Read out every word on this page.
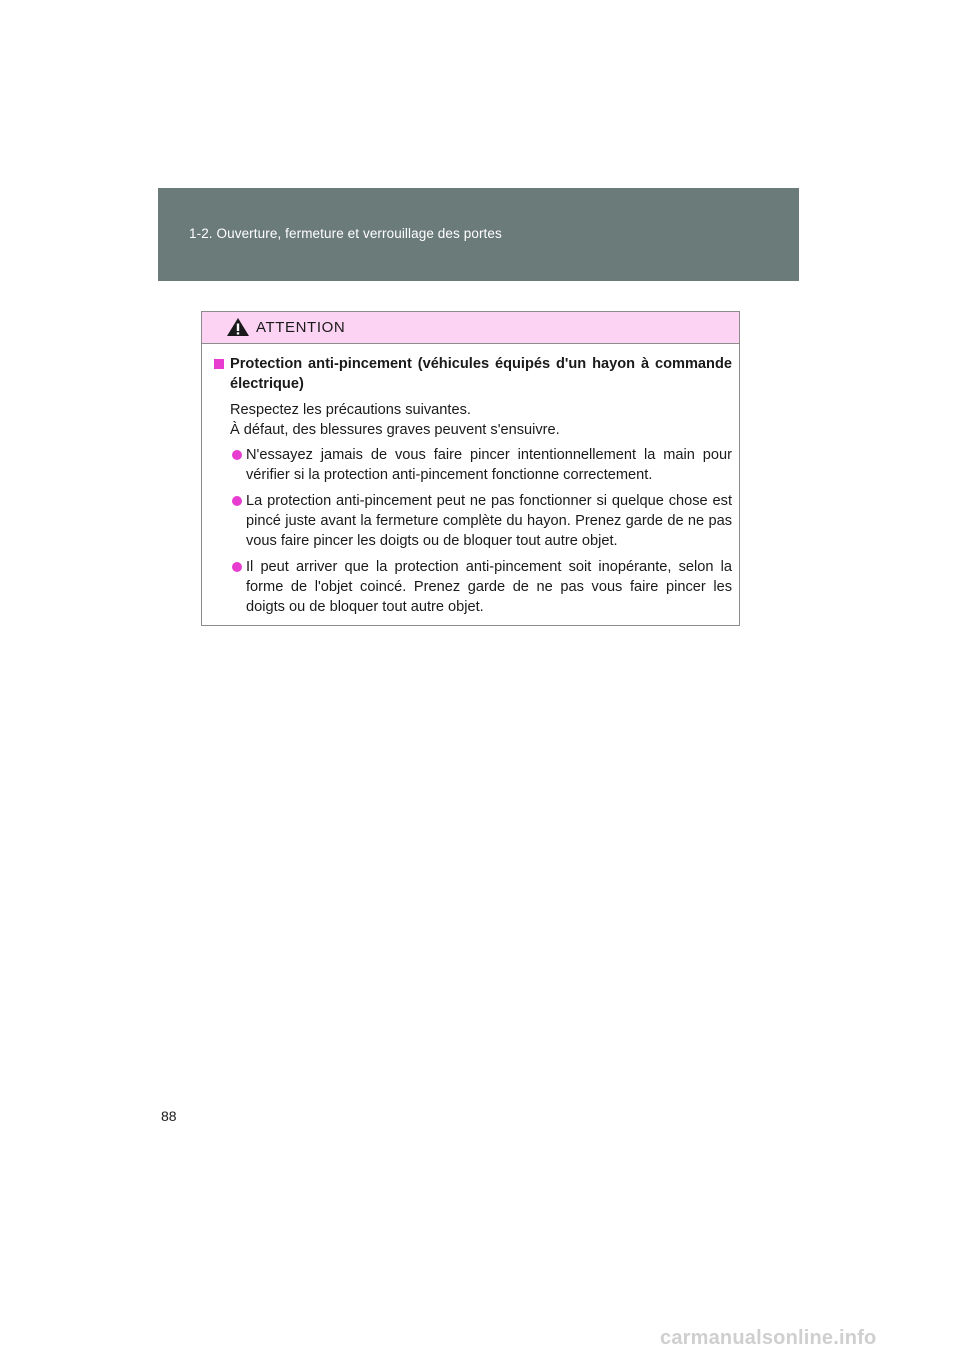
1-2. Ouverture, fermeture et verrouillage des portes
ATTENTION
Protection anti-pincement (véhicules équipés d'un hayon à commande électrique)
Respectez les précautions suivantes.
À défaut, des blessures graves peuvent s'ensuivre.
N'essayez jamais de vous faire pincer intentionnellement la main pour vérifier si la protection anti-pincement fonctionne correctement.
La protection anti-pincement peut ne pas fonctionner si quelque chose est pincé juste avant la fermeture complète du hayon. Prenez garde de ne pas vous faire pincer les doigts ou de bloquer tout autre objet.
Il peut arriver que la protection anti-pincement soit inopérante, selon la forme de l'objet coincé. Prenez garde de ne pas vous faire pincer les doigts ou de bloquer tout autre objet.
88
carmanualsonline.info
